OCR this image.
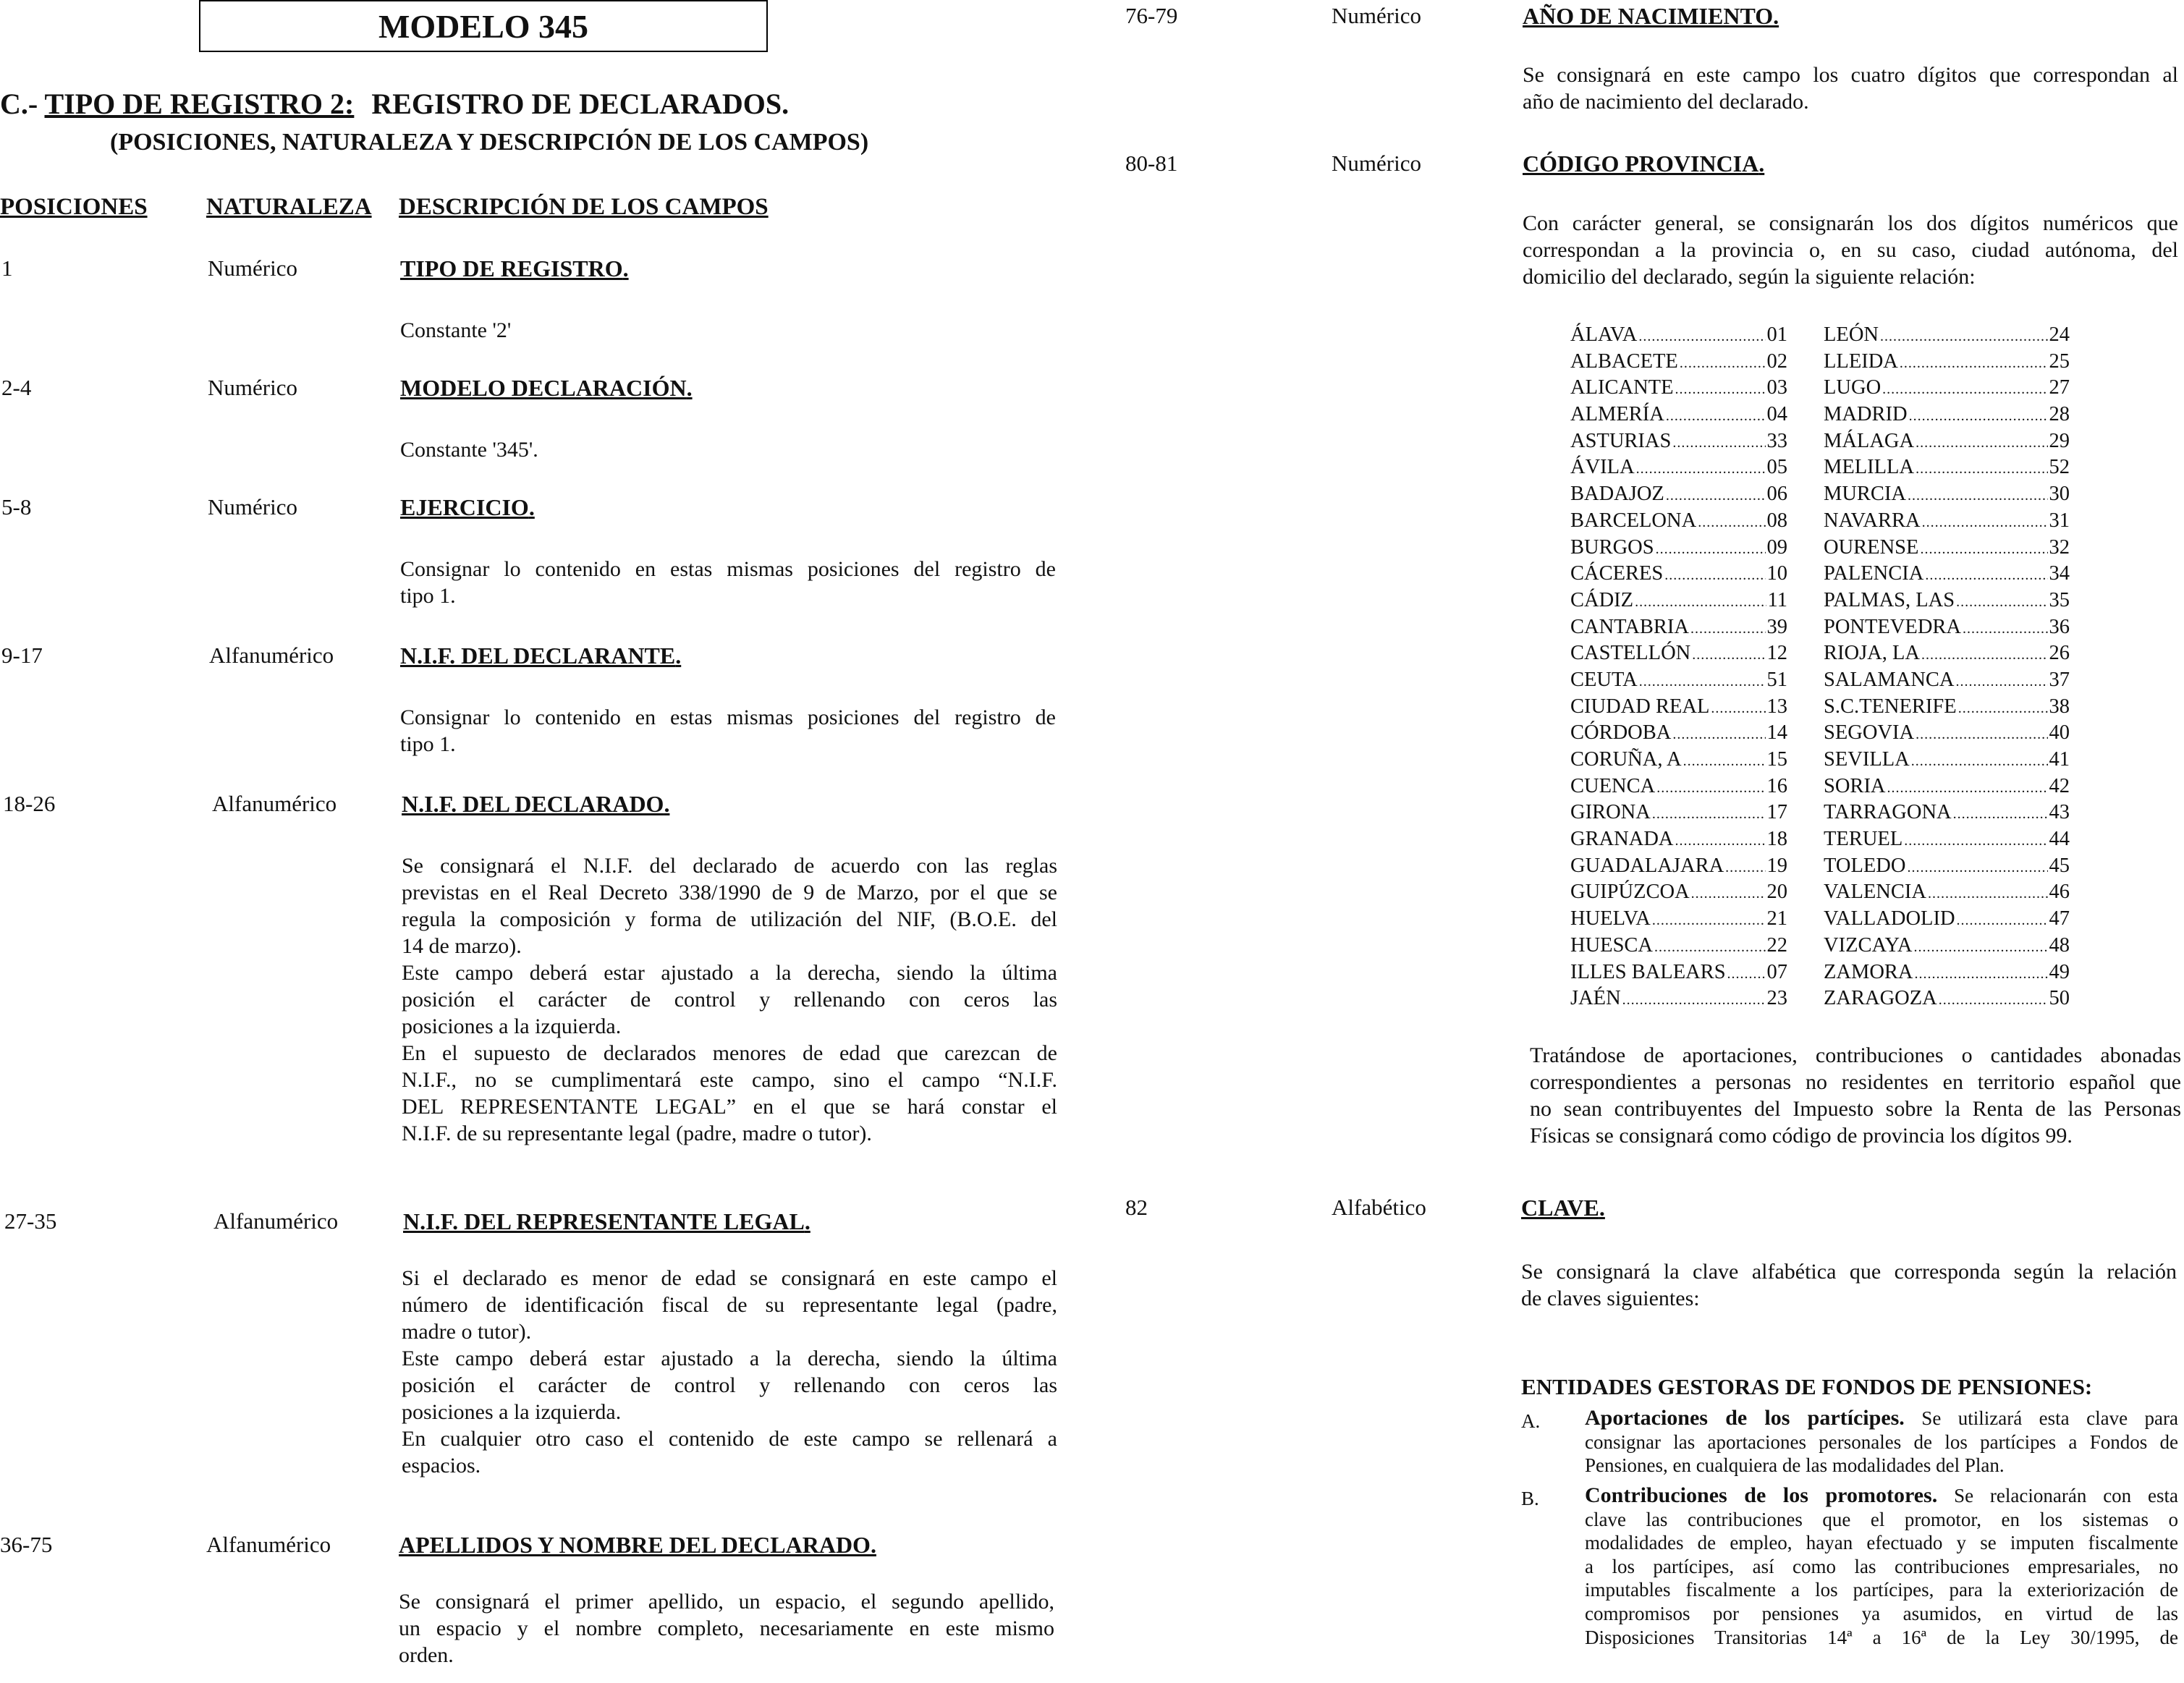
MODELO 345
C.- TIPO DE REGISTRO 2: REGISTRO DE DECLARADOS.
(POSICIONES, NATURALEZA Y DESCRIPCIÓN DE LOS CAMPOS)
POSICIONES NATURALEZA DESCRIPCIÓN DE LOS CAMPOS
1	Numérico	TIPO DE REGISTRO.
Constante '2'
2-4	Numérico	MODELO DECLARACIÓN.
Constante '345'.
5-8	Numérico	EJERCICIO.
Consignar lo contenido en estas mismas posiciones del registro de
tipo 1.
9-17	Alfanumérico	N.I.F. DEL DECLARANTE.
Consignar lo contenido en estas mismas posiciones del registro de
tipo 1.
18-26	Alfanumérico	N.I.F. DEL DECLARADO.
Se consignará el N.I.F. del declarado de acuerdo con las reglas
previstas en el Real Decreto 338/1990 de 9 de Marzo, por el que se
regula la composición y forma de utilización del NIF, (B.O.E. del
14 de marzo).
Este campo deberá estar ajustado a la derecha, siendo la última
posición el carácter de control y rellenando con ceros las
posiciones a la izquierda.
En el supuesto de declarados menores de edad que carezcan de
N.I.F., no se cumplimentará este campo, sino el campo “N.I.F.
DEL REPRESENTANTE LEGAL” en el que se hará constar el
N.I.F. de su representante legal (padre, madre o tutor).
27-35	Alfanumérico	N.I.F. DEL REPRESENTANTE LEGAL.
Si el declarado es menor de edad se consignará en este campo el
número de identificación fiscal de su representante legal (padre,
madre o tutor).
Este campo deberá estar ajustado a la derecha, siendo la última
posición el carácter de control y rellenando con ceros las
posiciones a la izquierda.
En cualquier otro caso el contenido de este campo se rellenará a
espacios.
36-75	Alfanumérico	APELLIDOS Y NOMBRE DEL DECLARADO.
Se consignará el primer apellido, un espacio, el segundo apellido,
un espacio y el nombre completo, necesariamente en este mismo
orden.
76-79	Numérico	AÑO DE NACIMIENTO.
Se consignará en este campo los cuatro dígitos que correspondan al
año de nacimiento del declarado.
80-81	Numérico	CÓDIGO PROVINCIA.
Con carácter general, se consignarán los dos dígitos numéricos que
correspondan a la provincia o, en su caso, ciudad autónoma, del
domicilio del declarado, según la siguiente relación:
ÁLAVA .....	01
ALBACETE .....	02
ALICANTE .....	03
ALMERÍA .....	04
ASTURIAS .....	33
ÁVILA .....	05
BADAJOZ .....	06
BARCELONA .....	08
BURGOS .....	09
CÁCERES .....	10
CÁDIZ .....	11
CANTABRIA .....	39
CASTELLÓN .....	12
CEUTA .....	51
CIUDAD REAL .....	13
CÓRDOBA .....	14
CORUÑA, A .....	15
CUENCA .....	16
GIRONA .....	17
GRANADA .....	18
GUADALAJARA ..... 19
GUIPÚZCOA .....	20
HUELVA .....	21
HUESCA .....	22
ILLES BALEARS ..... 07
JAÉN .....	23
LEÓN .....	24
LLEIDA .....	25
LUGO .....	27
MADRID .....	28
MÁLAGA .....	29
MELILLA .....	52
MURCIA .....	30
NAVARRA .....	31
OURENSE .....	32
PALENCIA .....	34
PALMAS, LAS .....	35
PONTEVEDRA .....	36
RIOJA, LA .....	26
SALAMANCA .....	37
S.C.TENERIFE .....	38
SEGOVIA .....	40
SEVILLA .....	41
SORIA .....	42
TARRAGONA .....	43
TERUEL .....	44
TOLEDO .....	45
VALENCIA .....	46
VALLADOLID .....	47
VIZCAYA .....	48
ZAMORA .....	49
ZARAGOZA .....	50
Tratándose de aportaciones, contribuciones o cantidades abonadas
correspondientes a personas no residentes en territorio español que
no sean contribuyentes del Impuesto sobre la Renta de las Personas
Físicas se consignará como código de provincia los dígitos 99.
82	Alfabético	CLAVE.
Se consignará la clave alfabética que corresponda según la relación
de claves siguientes:
ENTIDADES GESTORAS DE FONDOS DE PENSIONES:
A. Aportaciones de los partícipes. Se utilizará esta clave para
consignar las aportaciones personales de los partícipes a Fondos de
Pensiones, en cualquiera de las modalidades del Plan.
B. Contribuciones de los promotores. Se relacionarán con esta
clave las contribuciones que el promotor, en los sistemas o
modalidades de empleo, hayan efectuado y se imputen fiscalmente
a los partícipes, así como las contribuciones empresariales, no
imputables fiscalmente a los partícipes, para la exteriorización de
compromisos por pensiones ya asumidos, en virtud de las
Disposiciones Transitorias 14ª a 16ª de la Ley 30/1995, de
